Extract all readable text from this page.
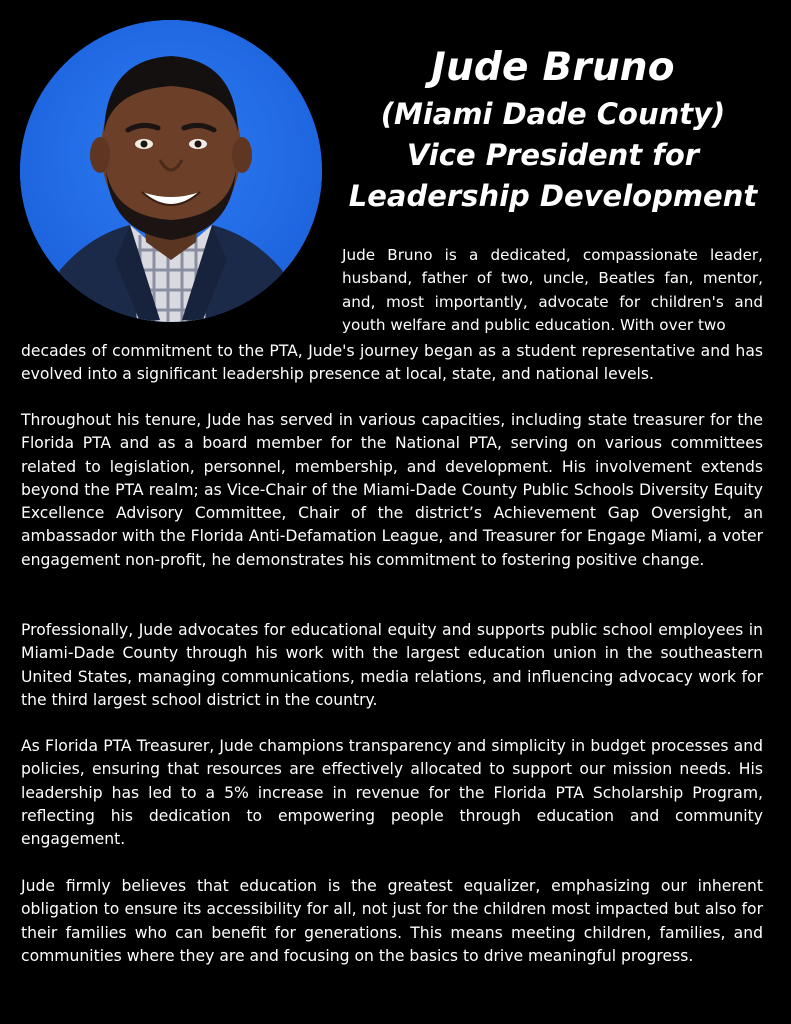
Jude Bruno
(Miami Dade County)
Vice President for
Leadership Development
Jude Bruno is a dedicated, compassionate leader,
husband, father of two, uncle, Beatles fan, mentor,
and, most importantly, advocate for children's and
youth welfare and public education. With over two

decades of commitment to the PTA, Jude's journey began as a student representative and has evolved into a significant leadership presence at local, state, and national levels.

Throughout his tenure, Jude has served in various capacities, including state treasurer for the Florida PTA and as a board member for the National PTA, serving on various committees related to legislation, personnel, membership, and development. His involvement extends beyond the PTA realm; as Vice-Chair of the Miami-Dade County Public Schools Diversity Equity Excellence Advisory Committee, Chair of the district’s Achievement Gap Oversight, an ambassador with the Florida Anti-Defamation League, and Treasurer for Engage Miami, a voter engagement non-profit, he demonstrates his commitment to fostering positive change.

Professionally, Jude advocates for educational equity and supports public school employees in Miami-Dade County through his work with the largest education union in the southeastern United States, managing communications, media relations, and influencing advocacy work for the third largest school district in the country.

As Florida PTA Treasurer, Jude champions transparency and simplicity in budget processes and policies, ensuring that resources are effectively allocated to support our mission needs. His leadership has led to a 5% increase in revenue for the Florida PTA Scholarship Program, reflecting his dedication to empowering people through education and community engagement.

Jude firmly believes that education is the greatest equalizer, emphasizing our inherent obligation to ensure its accessibility for all, not just for the children most impacted but also for their families who can benefit for generations. This means meeting children, families, and communities where they are and focusing on the basics to drive meaningful progress.
